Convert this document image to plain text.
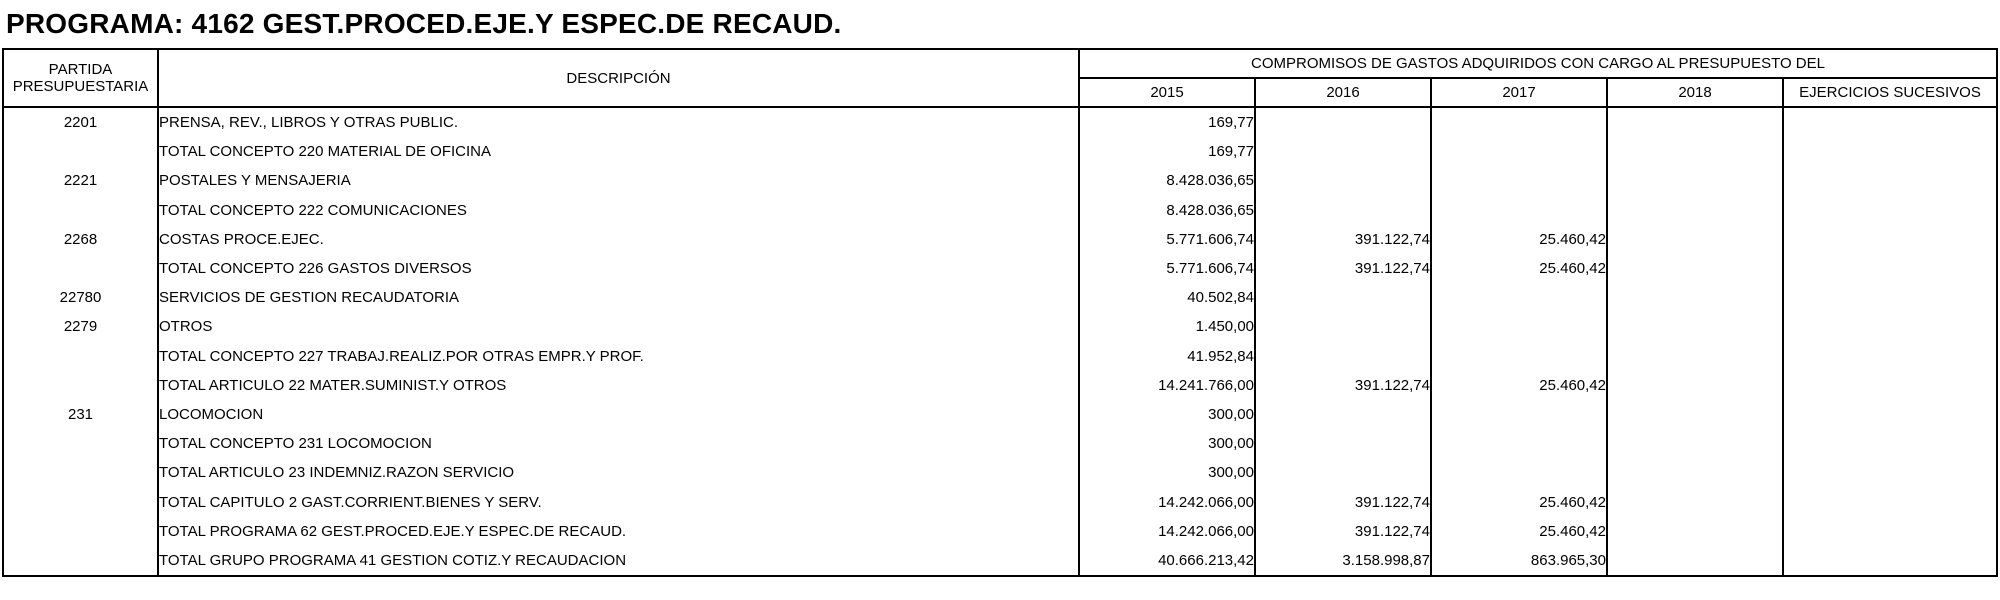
PROGRAMA: 4162 GEST.PROCED.EJE.Y ESPEC.DE RECAUD.
PARTIDA PRESUPUESTARIA	DESCRIPCIÓN	COMPROMISOS DE GASTOS ADQUIRIDOS CON CARGO AL PRESUPUESTO DEL				
		2015	2016	2017	2018	EJERCICIOS SUCESIVOS
2201	PRENSA, REV., LIBROS Y OTRAS PUBLIC.	169,77				
	TOTAL CONCEPTO 220 MATERIAL DE OFICINA	169,77				
2221	POSTALES Y MENSAJERIA	8.428.036,65				
	TOTAL CONCEPTO 222 COMUNICACIONES	8.428.036,65				
2268	COSTAS PROCE.EJEC.	5.771.606,74	391.122,74	25.460,42		
	TOTAL CONCEPTO 226 GASTOS DIVERSOS	5.771.606,74	391.122,74	25.460,42		
22780	SERVICIOS DE GESTION RECAUDATORIA	40.502,84				
2279	OTROS	1.450,00				
	TOTAL CONCEPTO 227 TRABAJ.REALIZ.POR OTRAS EMPR.Y PROF.	41.952,84				
	TOTAL ARTICULO 22 MATER.SUMINIST.Y OTROS	14.241.766,00	391.122,74	25.460,42		
231	LOCOMOCION	300,00				
	TOTAL CONCEPTO 231 LOCOMOCION	300,00				
	TOTAL ARTICULO 23 INDEMNIZ.RAZON SERVICIO	300,00				
	TOTAL CAPITULO 2 GAST.CORRIENT.BIENES Y SERV.	14.242.066,00	391.122,74	25.460,42		
	TOTAL PROGRAMA 62 GEST.PROCED.EJE.Y ESPEC.DE RECAUD.	14.242.066,00	391.122,74	25.460,42		
	TOTAL GRUPO PROGRAMA 41 GESTION COTIZ.Y RECAUDACION	40.666.213,42	3.158.998,87	863.965,30		
